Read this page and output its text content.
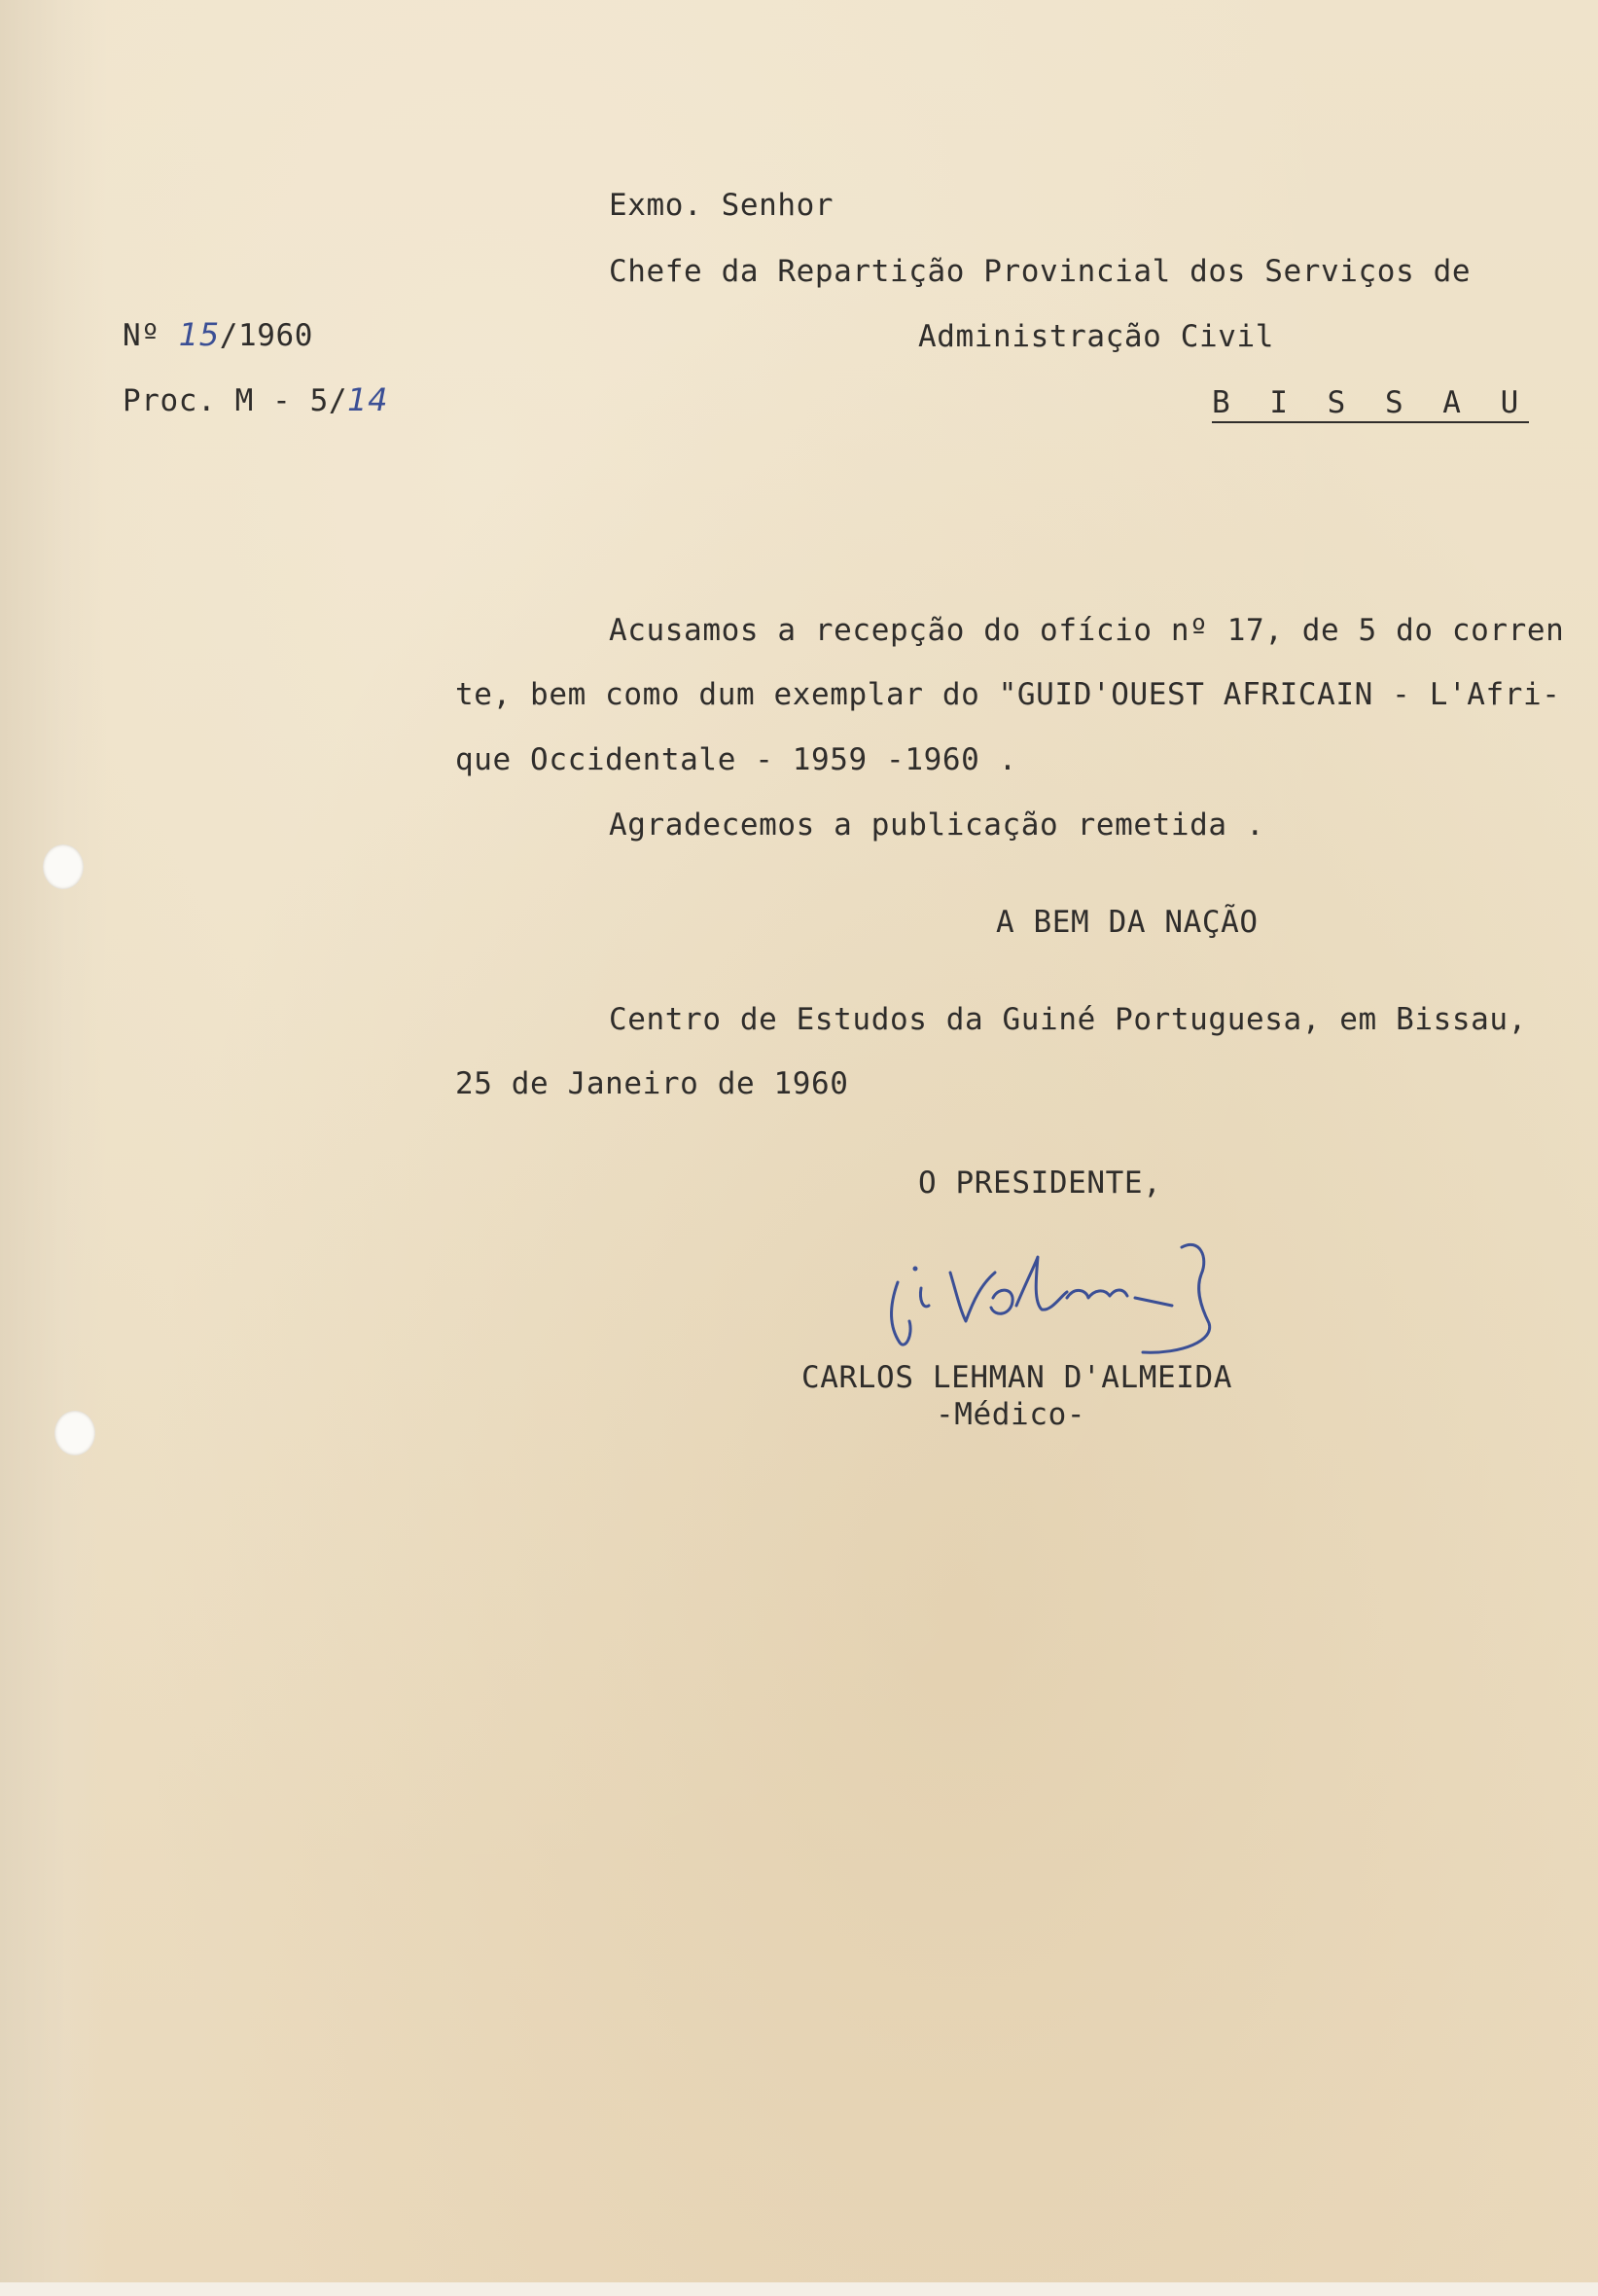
Exmo. Senhor

Chefe da Repartição Provincial dos Serviços de

Administração Civil

B I S S A U

Nº 15/1960

Proc. M - 5/14

Acusamos a recepção do ofício nº 17, de 5 do corren

te, bem como dum exemplar do "GUID'OUEST AFRICAIN - L'Afri-

que Occidentale - 1959 -1960 .

Agradecemos a publicação remetida .

A BEM DA NAÇÃO

Centro de Estudos da Guiné Portuguesa, em Bissau,

25 de Janeiro de 1960

O PRESIDENTE,

CARLOS LEHMAN D'ALMEIDA

-Médico-
